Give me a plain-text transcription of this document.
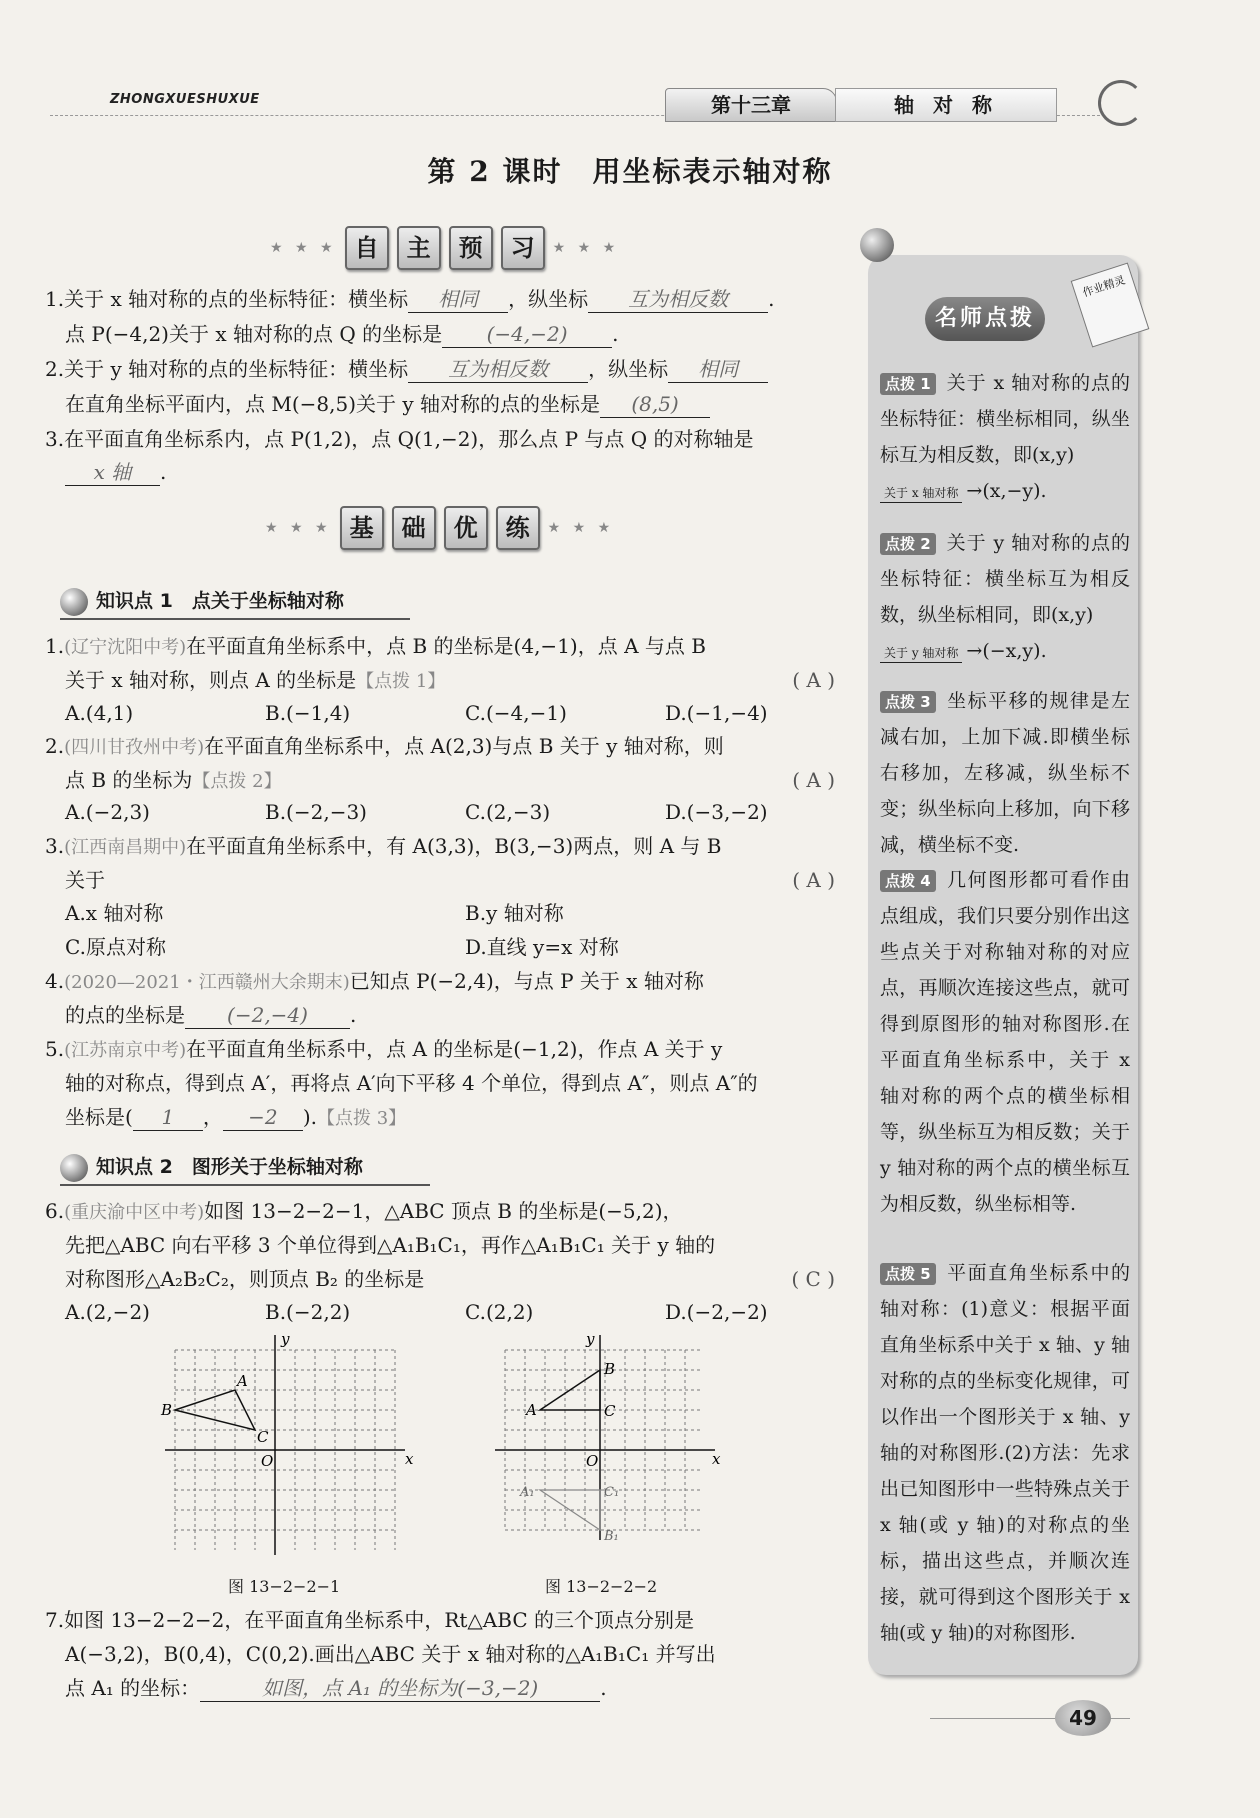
ZHONGXUESHUXUE	第十三章	轴 对 称
第 2 课时　用坐标表示轴对称
★ ★ ★ 自	主	预	习	★ ★ ★
1.关于 x 轴对称的点的坐标特征：横坐标 相同 ，纵坐标 互为相反数 .
点 P(−4,2)关于 x 轴对称的点 Q 的坐标是 (−4,−2) .
2.关于 y 轴对称的点的坐标特征：横坐标 互为相反数 ，纵坐标 相同
在直角坐标平面内，点 M(−8,5)关于 y 轴对称的点的坐标是 (8,5)
3.在平面直角坐标系内，点 P(1,2)，点 Q(1,−2)，那么点 P 与点 Q 的对称轴是
x 轴 .
★ ★ ★ 基	础	优	练	★ ★ ★
知识点 1　点关于坐标轴对称
1.(辽宁沈阳中考)在平面直角坐标系中，点 B 的坐标是(4,−1)，点 A 与点 B
关于 x 轴对称，则点 A 的坐标是【点拨 1】	( A )
A.(4,1)	B.(−1,4)	C.(−4,−1)	D.(−1,−4)
2.(四川甘孜州中考)在平面直角坐标系中，点 A(2,3)与点 B 关于 y 轴对称，则
点 B 的坐标为【点拨 2】	( A )
A.(−2,3)	B.(−2,−3)	C.(2,−3)	D.(−3,−2)
3.(江西南昌期中)在平面直角坐标系中，有 A(3,3)，B(3,−3)两点，则 A 与 B
关于	( A )
A.x 轴对称	B.y 轴对称
C.原点对称	D.直线 y=x 对称
4.(2020—2021・江西赣州大余期末)已知点 P(−2,4)，与点 P 关于 x 轴对称
的点的坐标是 (−2,−4) .
5.(江苏南京中考)在平面直角坐标系中，点 A 的坐标是(−1,2)，作点 A 关于 y
轴的对称点，得到点 A′，再将点 A′向下平移 4 个单位，得到点 A″，则点 A″的
坐标是( 1 ， −2 ).【点拨 3】
知识点 2　图形关于坐标轴对称
6.(重庆渝中区中考)如图 13−2−2−1，△ABC 顶点 B 的坐标是(−5,2)，
先把△ABC 向右平移 3 个单位得到△A₁B₁C₁，再作△A₁B₁C₁ 关于 y 轴的
对称图形△A₂B₂C₂，则顶点 B₂ 的坐标是	( C )
A.(2,−2)	B.(−2,2)	C.(2,2)	D.(−2,−2)
y
x
O
A
B
C
图 13−2−2−1
y
x
O
A
B
C
A₁
B₁
C₁
图 13−2−2−2
7.如图 13−2−2−2，在平面直角坐标系中，Rt△ABC 的三个顶点分别是
A(−3,2)，B(0,4)，C(0,2).画出△ABC 关于 x 轴对称的△A₁B₁C₁ 并写出
点 A₁ 的坐标：	如图，点 A₁ 的坐标为(−3,−2)	.
名师点拨
作业精灵
点拨 1 关于 x 轴对称的点的坐标特征：横坐标相同，纵坐标互为相反数，即(x,y)
关于 x 轴对称 →(x,−y).
点拨 2 关于 y 轴对称的点的坐标特征：横坐标互为相反数，纵坐标相同，即(x,y)
关于 y 轴对称 →(−x,y).
点拨 3 坐标平移的规律是左减右加，上加下减.即横坐标右移加，左移减，纵坐标不变；纵坐标向上移加，向下移减，横坐标不变.
点拨 4 几何图形都可看作由点组成，我们只要分别作出这些点关于对称轴对称的对应点，再顺次连接这些点，就可得到原图形的轴对称图形.在平面直角坐标系中，关于 x 轴对称的两个点的横坐标相等，纵坐标互为相反数；关于 y 轴对称的两个点的横坐标互为相反数，纵坐标相等.
点拨 5 平面直角坐标系中的轴对称：(1)意义：根据平面直角坐标系中关于 x 轴、y 轴对称的点的坐标变化规律，可以作出一个图形关于 x 轴、y 轴的对称图形.(2)方法：先求出已知图形中一些特殊点关于 x 轴(或 y 轴)的对称点的坐标，描出这些点，并顺次连接，就可得到这个图形关于 x 轴(或 y 轴)的对称图形.
49
